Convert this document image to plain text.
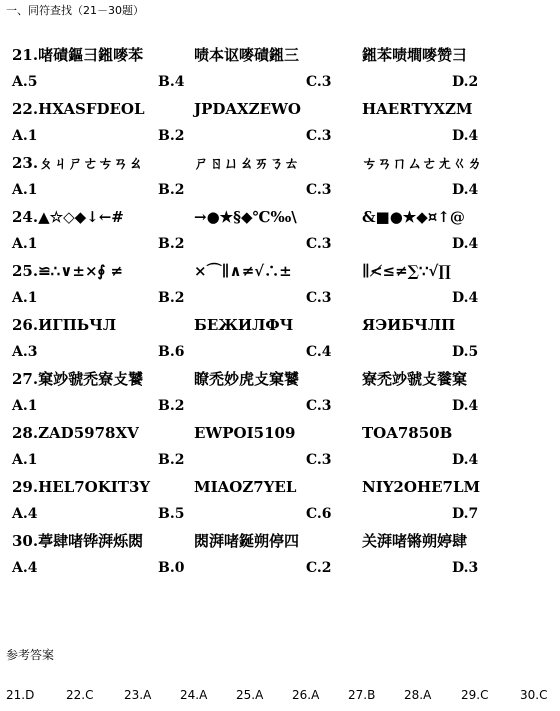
一、同符查找（21－30题）
21.啫磧鏂彐鎺嘜苯	啧本讴嘜磧鎺三	鎺苯啧墹嘜赞彐
A.5	B.4	C.3	D.2
22.HXASFDEOL	JPDAXZEWO	HAERTYXZM
A.1	B.2	C.3	D.4
23.ㄆㄐㄕㄜㄘㄢㄠ	ㄕㄖㄩㄠㄞㄋㄊ	ㄘㄢㄇㄙㄜㄤㄍㄌ
A.1	B.2	C.3	D.4
24.▲☆◇◆↓←#	→●★§◆℃‰\	&■●★◆¤↑@
A.1	B.2	C.3	D.4
25.≌∴∨±×∮ ≠	×⌒∥∧≠√∴±	∥≮≤≠∑∵√∏
A.1	B.2	C.3	D.4
26.ИГПЬЧЛ	БЕЖИЛФЧ	ЯЭИБЧЛП
A.3	B.6	C.4	D.5
27.窠竗虢禿寮攴饕	瞭禿妙虎攴窠饕	寮禿竗虢攴餮窠
A.1	B.2	C.3	D.4
28.ZAD5978XV	EWPOI5109	TOA7850B
A.1	B.2	C.3	D.4
29.HEL7OKIT3Y	MIAOZ7YEL	NIY2OHE7LM
A.4	B.5	C.6	D.7
30.葶肆啫铧湃烁閦	閦湃啫鋋朔停四	关湃啫锵朔婷肆
A.4	B.0	C.2	D.3
参考答案
21.D	22.C	23.A 24.A 25.A 26.A 27.B 28.A 29.C	30.C
